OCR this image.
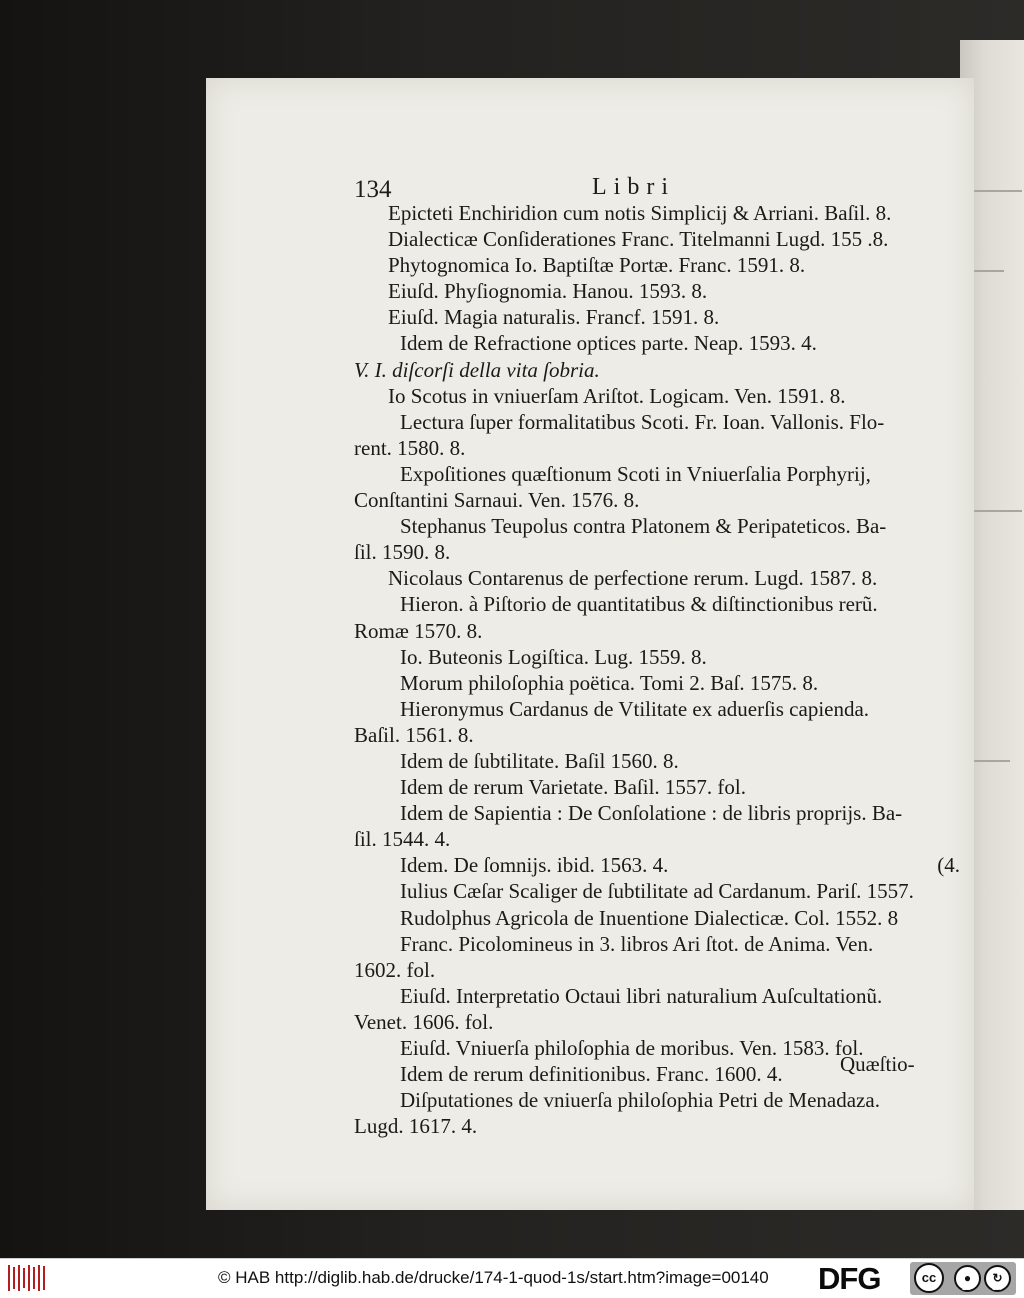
134	Libri
Epicteti Enchiridion cum notis Simplicij & Arriani. Baſil. 8.
Dialecticæ Conſiderationes Franc. Titelmanni Lugd. 155 .8.
Phytognomica Io. Baptiſtæ Portæ. Franc. 1591. 8.
Eiuſd. Phyſiognomia. Hanou. 1593. 8.
Eiuſd. Magia naturalis. Francf. 1591. 8.
Idem de Refractione optices parte. Neap. 1593. 4.
V. I. diſcorſi della vita ſobria.
Io Scotus in vniuerſam Ariſtot. Logicam. Ven. 1591. 8.
Lectura ſuper formalitatibus Scoti. Fr. Ioan. Vallonis. Flo-
rent. 1580. 8.
Expoſitiones quæſtionum Scoti in Vniuerſalia Porphyrij,
Conſtantini Sarnaui. Ven. 1576. 8.
Stephanus Teupolus contra Platonem & Peripateticos. Ba-
ſil. 1590. 8.
Nicolaus Contarenus de perfectione rerum. Lugd. 1587. 8.
Hieron. à Piſtorio de quantitatibus & diſtinctionibus rerũ.
Romæ 1570. 8.
Io. Buteonis Logiſtica. Lug. 1559. 8.
Morum philoſophia poëtica. Tomi 2. Baſ. 1575. 8.
Hieronymus Cardanus de Vtilitate ex aduerſis capienda.
Baſil. 1561. 8.
Idem de ſubtilitate. Baſil 1560. 8.
Idem de rerum Varietate. Baſil. 1557. fol.
Idem de Sapientia : De Conſolatione : de libris proprijs. Ba-
ſil. 1544. 4.
Idem. De ſomnijs. ibid. 1563. 4.	(4.
Iulius Cæſar Scaliger de ſubtilitate ad Cardanum. Pariſ. 1557.
Rudolphus Agricola de Inuentione Dialecticæ. Col. 1552. 8
Franc. Picolomineus in 3. libros Ari ſtot. de Anima. Ven.
1602. fol.
Eiuſd. Interpretatio Octaui libri naturalium Auſcultationũ.
Venet. 1606. fol.
Eiuſd. Vniuerſa philoſophia de moribus. Ven. 1583. fol.
Idem de rerum definitionibus. Franc. 1600. 4.
Diſputationes de vniuerſa philoſophia Petri de Menadaza.
Lugd. 1617. 4.
Quæſtio-
© HAB http://diglib.hab.de/drucke/174-1-quod-1s/start.htm?image=00140 DFG	cc	●	↻
BY	SA
